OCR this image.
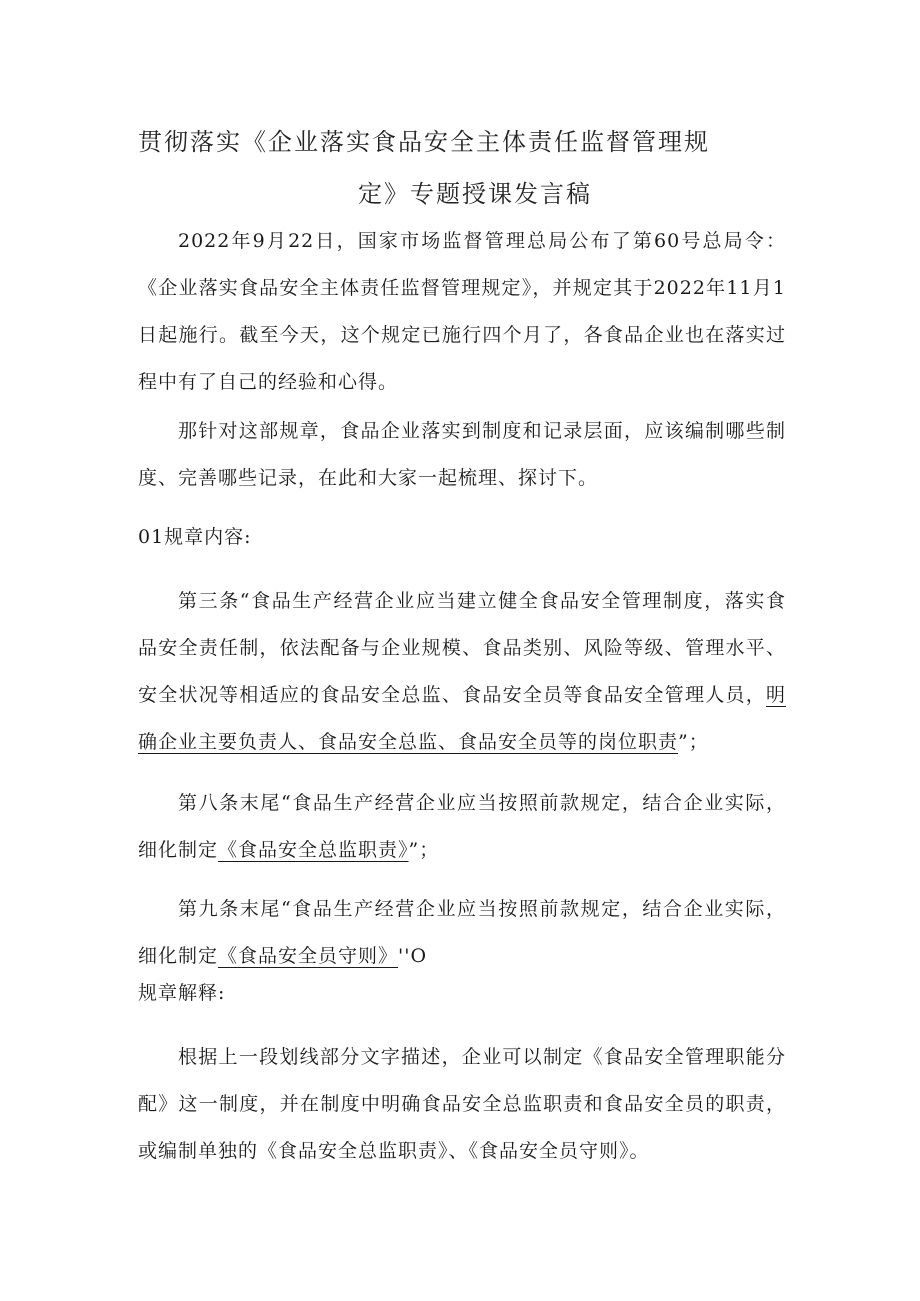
贯彻落实《企业落实食品安全主体责任监督管理规
定》专题授课发言稿

2022年9月22日，国家市场监督管理总局公布了第60号总局令：《企业落实食品安全主体责任监督管理规定》，并规定其于2022年11月1日起施行。截至今天，这个规定已施行四个月了，各食品企业也在落实过程中有了自己的经验和心得。

那针对这部规章，食品企业落实到制度和记录层面，应该编制哪些制度、完善哪些记录，在此和大家一起梳理、探讨下。

01规章内容:

第三条“食品生产经营企业应当建立健全食品安全管理制度，落实食品安全责任制，依法配备与企业规模、食品类别、风险等级、管理水平、安全状况等相适应的食品安全总监、食品安全员等食品安全管理人员，明确企业主要负责人、食品安全总监、食品安全员等的岗位职责”；

第八条末尾“食品生产经营企业应当按照前款规定，结合企业实际，细化制定《食品安全总监职责》”；

第九条末尾“食品生产经营企业应当按照前款规定，结合企业实际，细化制定《食品安全员守则》''O

规章解释:

根据上一段划线部分文字描述，企业可以制定《食品安全管理职能分配》这一制度，并在制度中明确食品安全总监职责和食品安全员的职责，或编制单独的《食品安全总监职责》、《食品安全员守则》。
